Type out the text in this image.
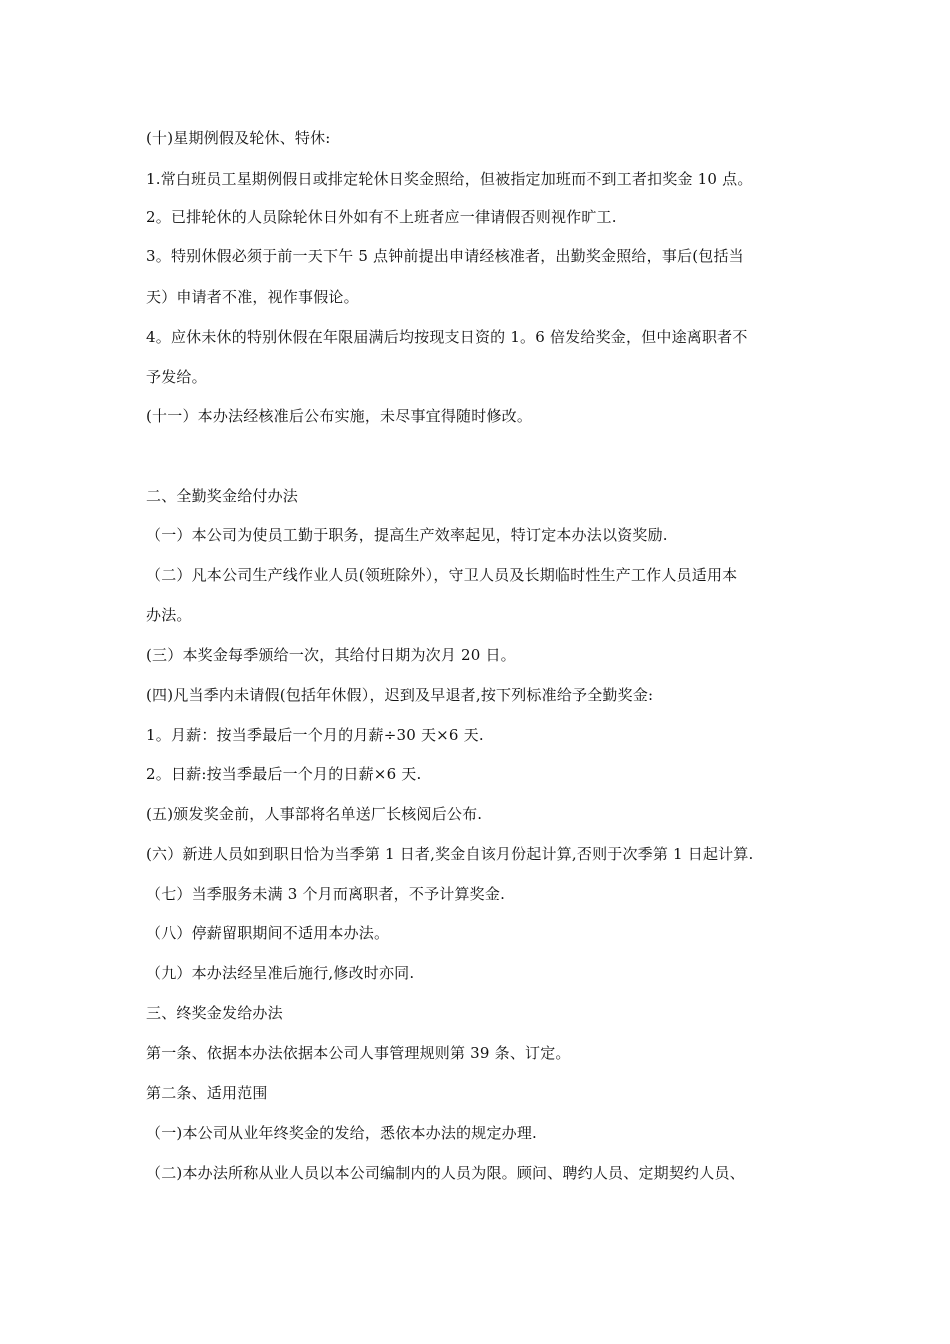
(十)星期例假及轮休、特休:
1.常白班员工星期例假日或排定轮休日奖金照给，但被指定加班而不到工者扣奖金 10 点。
2。已排轮休的人员除轮休日外如有不上班者应一律请假否则视作旷工.
3。特别休假必须于前一天下午 5 点钟前提出申请经核准者，出勤奖金照给，事后(包括当
天）申请者不准，视作事假论。
4。应休未休的特别休假在年限届满后均按现支日资的 1。6 倍发给奖金，但中途离职者不
予发给。
(十一）本办法经核准后公布实施，未尽事宜得随时修改。
二、全勤奖金给付办法
（一）本公司为使员工勤于职务，提高生产效率起见，特订定本办法以资奖励.
（二）凡本公司生产线作业人员(领班除外），守卫人员及长期临时性生产工作人员适用本
办法。
(三）本奖金每季颁给一次，其给付日期为次月 20 日。
(四)凡当季内未请假(包括年休假），迟到及早退者,按下列标准给予全勤奖金:
1。月薪：按当季最后一个月的月薪÷30 天×6 天.
2。日薪:按当季最后一个月的日薪×6 天.
(五)颁发奖金前，人事部将名单送厂长核阅后公布.
(六）新进人员如到职日恰为当季第 1 日者,奖金自该月份起计算,否则于次季第 1 日起计算.
（七）当季服务未满 3 个月而离职者，不予计算奖金.
（八）停薪留职期间不适用本办法。
（九）本办法经呈准后施行,修改时亦同.
三、终奖金发给办法
第一条、依据本办法依据本公司人事管理规则第 39 条、订定。
第二条、适用范围
（一)本公司从业年终奖金的发给，悉依本办法的规定办理.
（二)本办法所称从业人员以本公司编制内的人员为限。顾问、聘约人员、定期契约人员、
